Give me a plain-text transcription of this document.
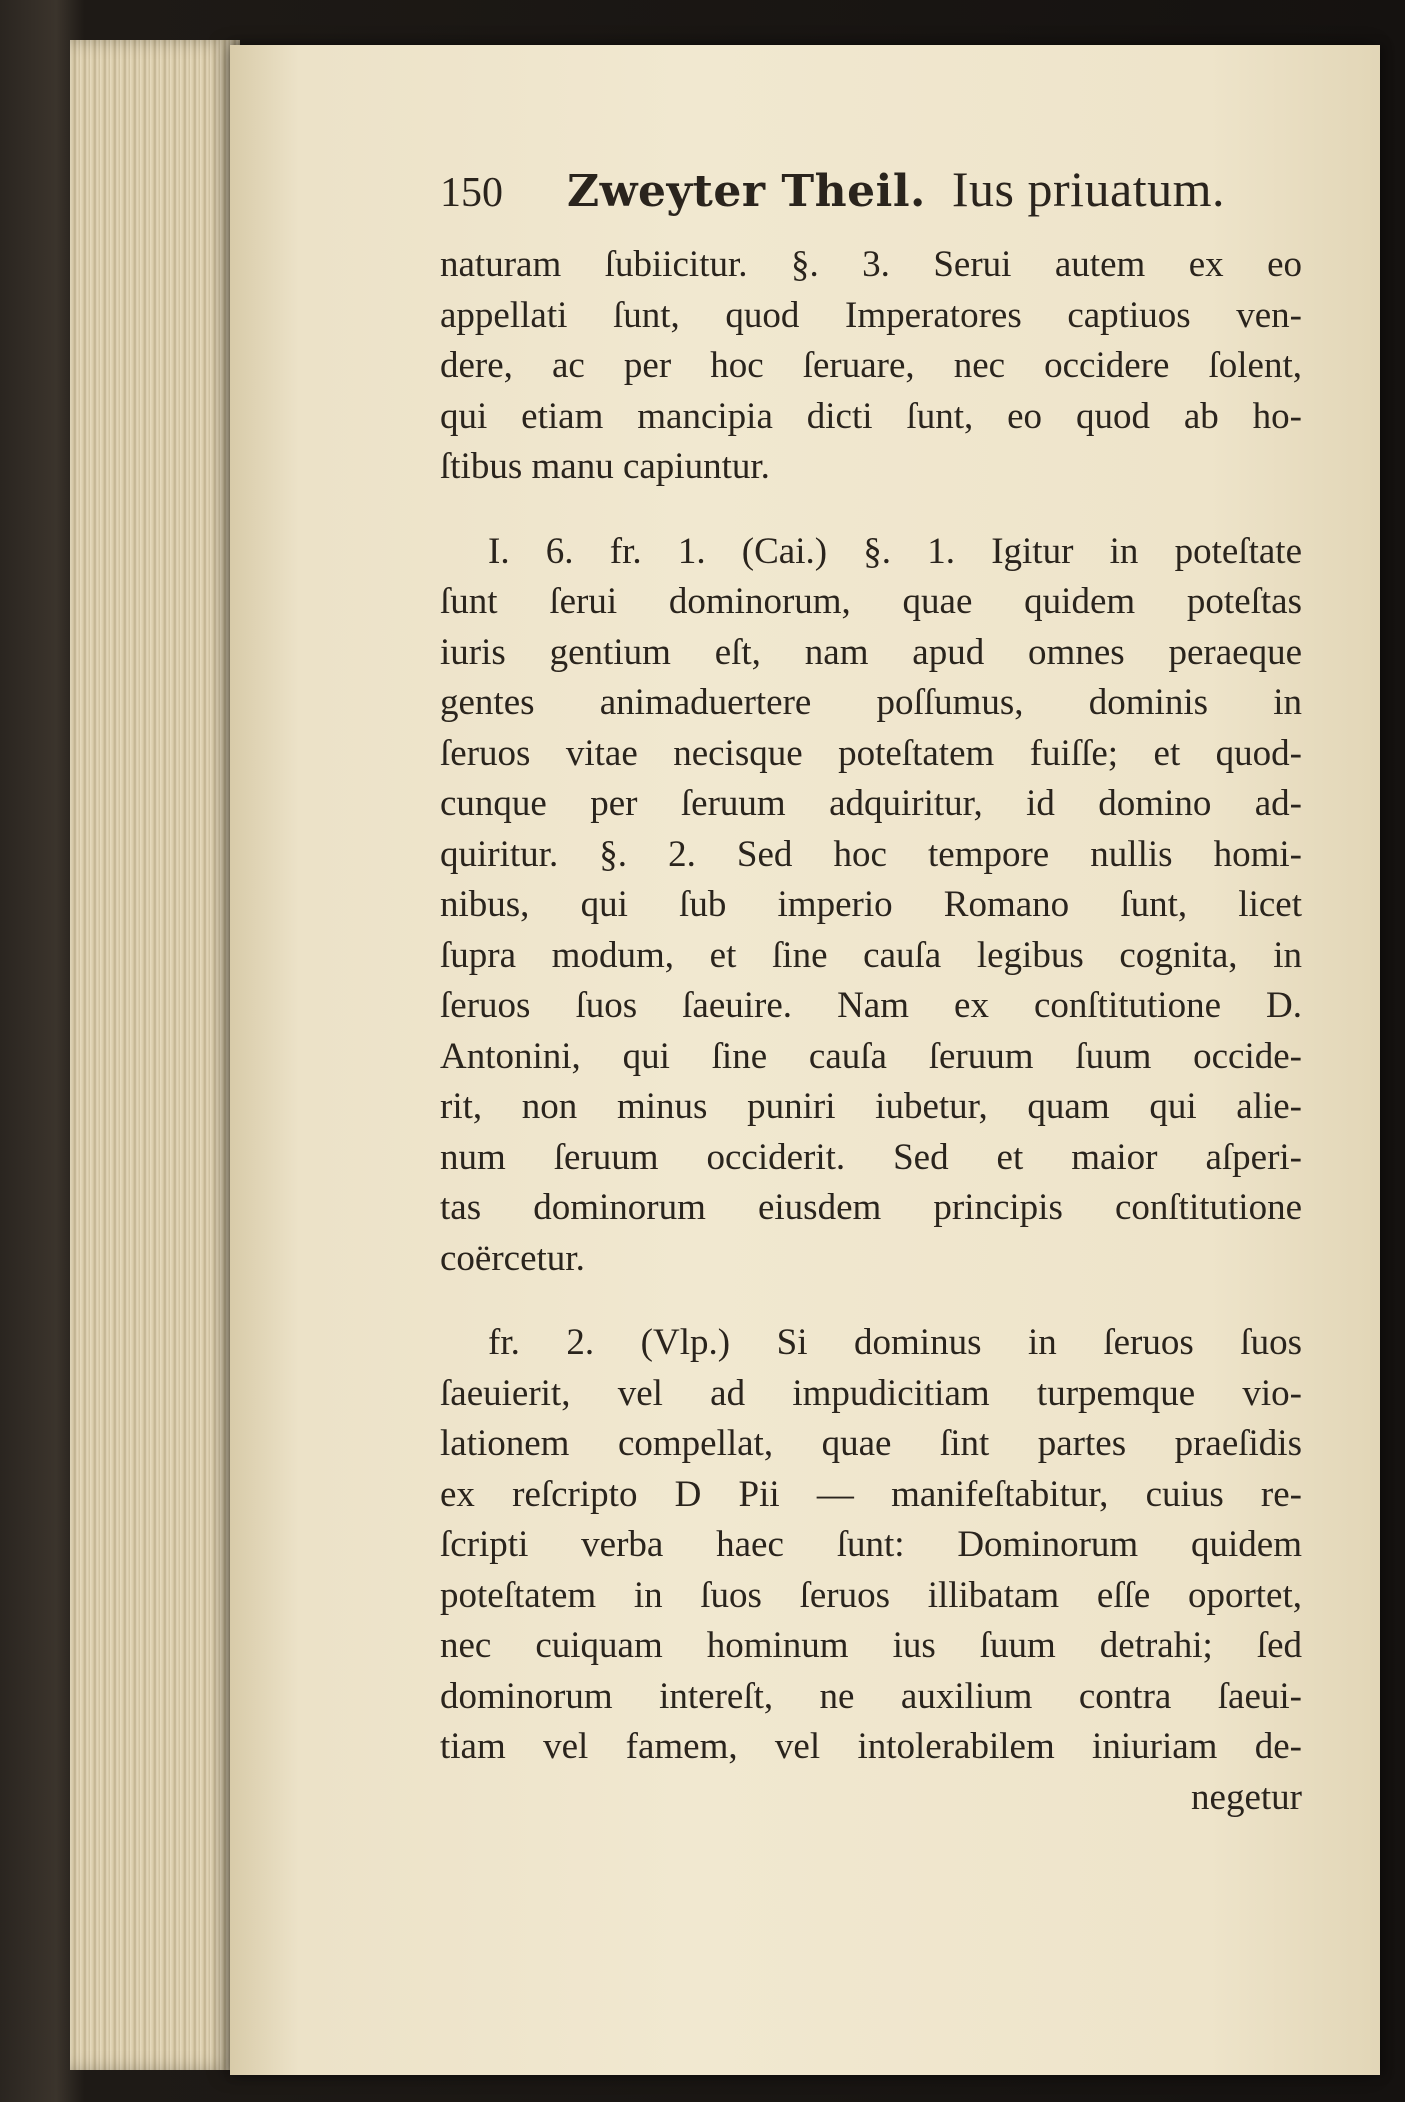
150 Zweyter Theil. Ius priuatum.
naturam ſubiicitur. §. 3. Serui autem ex eo
appellati ſunt, quod Imperatores captiuos ven-
dere, ac per hoc ſeruare, nec occidere ſolent,
qui etiam mancipia dicti ſunt, eo quod ab ho-
ſtibus manu capiuntur.
I. 6. fr. 1. (Cai.) §. 1. Igitur in poteſtate
ſunt ſerui dominorum, quae quidem poteſtas
iuris gentium eſt, nam apud omnes peraeque
gentes animaduertere poſſumus, dominis in
ſeruos vitae necisque poteſtatem fuiſſe; et quod-
cunque per ſeruum adquiritur, id domino ad-
quiritur. §. 2. Sed hoc tempore nullis homi-
nibus, qui ſub imperio Romano ſunt, licet
ſupra modum, et ſine cauſa legibus cognita, in
ſeruos ſuos ſaeuire. Nam ex conſtitutione D.
Antonini, qui ſine cauſa ſeruum ſuum occide-
rit, non minus puniri iubetur, quam qui alie-
num ſeruum occiderit. Sed et maior aſperi-
tas dominorum eiusdem principis conſtitutione
coërcetur.
fr. 2. (Vlp.) Si dominus in ſeruos ſuos
ſaeuierit, vel ad impudicitiam turpemque vio-
lationem compellat, quae ſint partes praeſidis
ex reſcripto D Pii — manifeſtabitur, cuius re-
ſcripti verba haec ſunt: Dominorum quidem
poteſtatem in ſuos ſeruos illibatam eſſe oportet,
nec cuiquam hominum ius ſuum detrahi; ſed
dominorum intereſt, ne auxilium contra ſaeui-
tiam vel famem, vel intolerabilem iniuriam de-
negetur
